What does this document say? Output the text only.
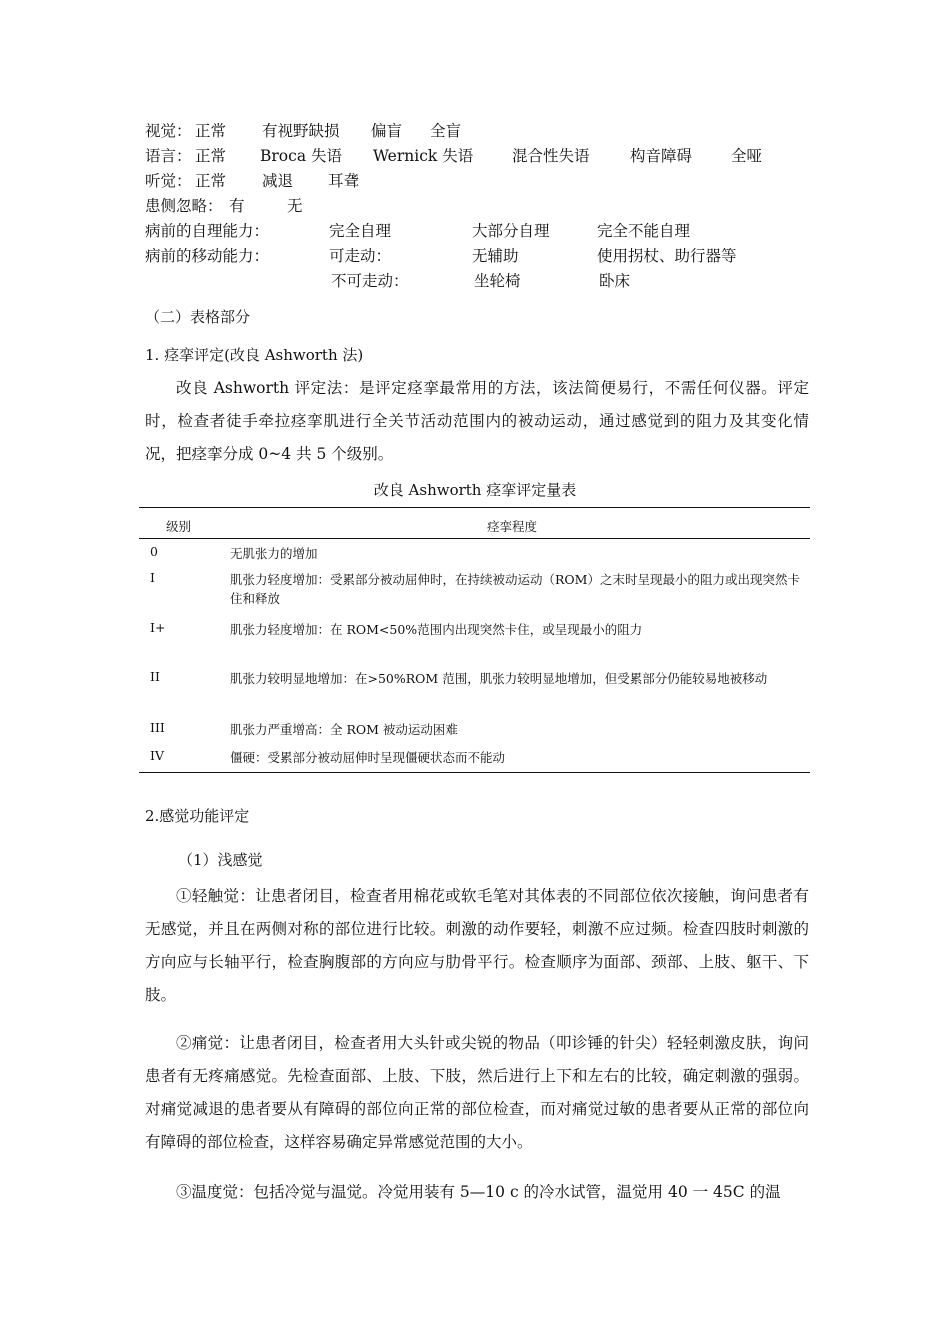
视觉： 正常 有视野缺损 偏盲 全盲
语言： 正常 Broca 失语 Wernick 失语	混合性失语	构音障碍	全哑
听觉： 正常 减退 耳聋
患侧忽略： 有	无
病前的自理能力：	完全自理	大部分自理	完全不能自理
病前的移动能力：	可走动：	无辅助	使用拐杖、助行器等
不可走动：	坐轮椅	卧床
（二）表格部分
1. 痉挛评定(改良 Ashworth 法)
改良 Ashworth 评定法：是评定痉挛最常用的方法，该法简便易行，不需任何仪器。评定时，检查者徒手牵拉痉挛肌进行全关节活动范围内的被动运动，通过感觉到的阻力及其变化情况，把痉挛分成 0~4 共 5 个级别。
改良 Ashworth 痉挛评定量表
级别	痉挛程度
0	无肌张力的增加
I	肌张力轻度增加：受累部分被动屈伸时，在持续被动运动（ROM）之末时呈现最小的阻力或出现突然卡住和释放
I+	肌张力轻度增加：在 ROM<50%范围内出现突然卡住，或呈现最小的阻力
II	肌张力较明显地增加：在>50%ROM 范围，肌张力较明显地增加，但受累部分仍能较易地被移动
III	肌张力严重增高：全 ROM 被动运动困难
IV	僵硬：受累部分被动屈伸时呈现僵硬状态而不能动
2.感觉功能评定
（1）浅感觉
①轻触觉：让患者闭目，检查者用棉花或软毛笔对其体表的不同部位依次接触，询问患者有无感觉，并且在两侧对称的部位进行比较。刺激的动作要轻，刺激不应过频。检查四肢时刺激的方向应与长轴平行，检查胸腹部的方向应与肋骨平行。检查顺序为面部、颈部、上肢、躯干、下肢。
②痛觉：让患者闭目，检查者用大头针或尖锐的物品（叩诊锤的针尖）轻轻刺激皮肤，询问患者有无疼痛感觉。先检查面部、上肢、下肢，然后进行上下和左右的比较，确定刺激的强弱。对痛觉减退的患者要从有障碍的部位向正常的部位检查，而对痛觉过敏的患者要从正常的部位向有障碍的部位检查，这样容易确定异常感觉范围的大小。
③温度觉：包括冷觉与温觉。冷觉用装有 5—10 c 的冷水试管，温觉用 40 一 45C 的温
